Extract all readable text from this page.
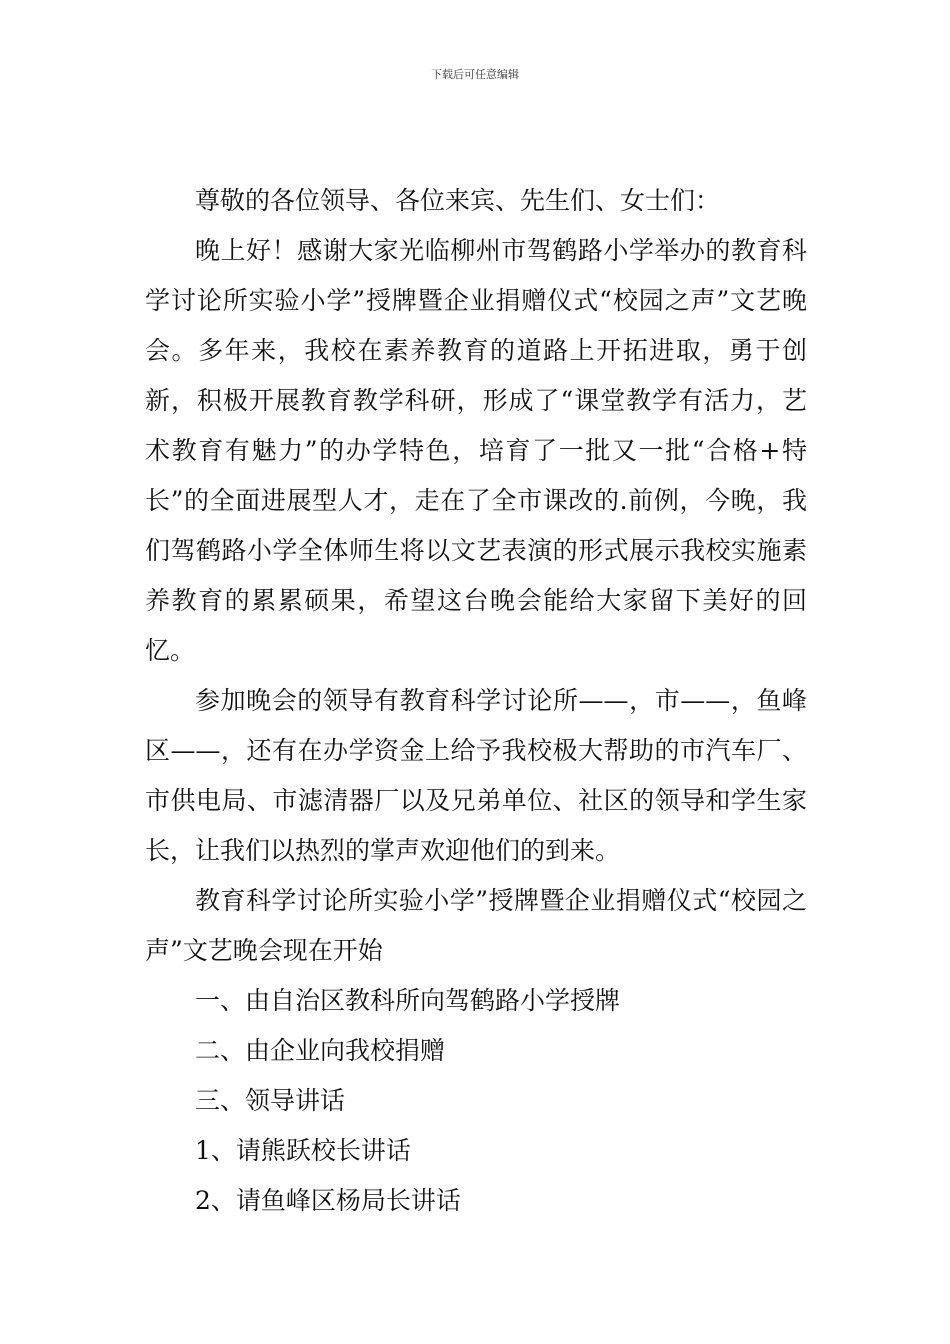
下载后可任意编辑

尊敬的各位领导、各位来宾、先生们、女士们：

晚上好！感谢大家光临柳州市驾鹤路小学举办的教育科学讨论所实验小学”授牌暨企业捐赠仪式“校园之声”文艺晚会。多年来，我校在素养教育的道路上开拓进取，勇于创新，积极开展教育教学科研，形成了“课堂教学有活力，艺术教育有魅力”的办学特色，培育了一批又一批“合格+特长”的全面进展型人才，走在了全市课改的.前例，今晚，我们驾鹤路小学全体师生将以文艺表演的形式展示我校实施素养教育的累累硕果，希望这台晚会能给大家留下美好的回忆。

参加晚会的领导有教育科学讨论所——，市——，鱼峰区——，还有在办学资金上给予我校极大帮助的市汽车厂、市供电局、市滤清器厂以及兄弟单位、社区的领导和学生家长，让我们以热烈的掌声欢迎他们的到来。

教育科学讨论所实验小学”授牌暨企业捐赠仪式“校园之声”文艺晚会现在开始

一、由自治区教科所向驾鹤路小学授牌

二、由企业向我校捐赠

三、领导讲话

1、请熊跃校长讲话

2、请鱼峰区杨局长讲话
